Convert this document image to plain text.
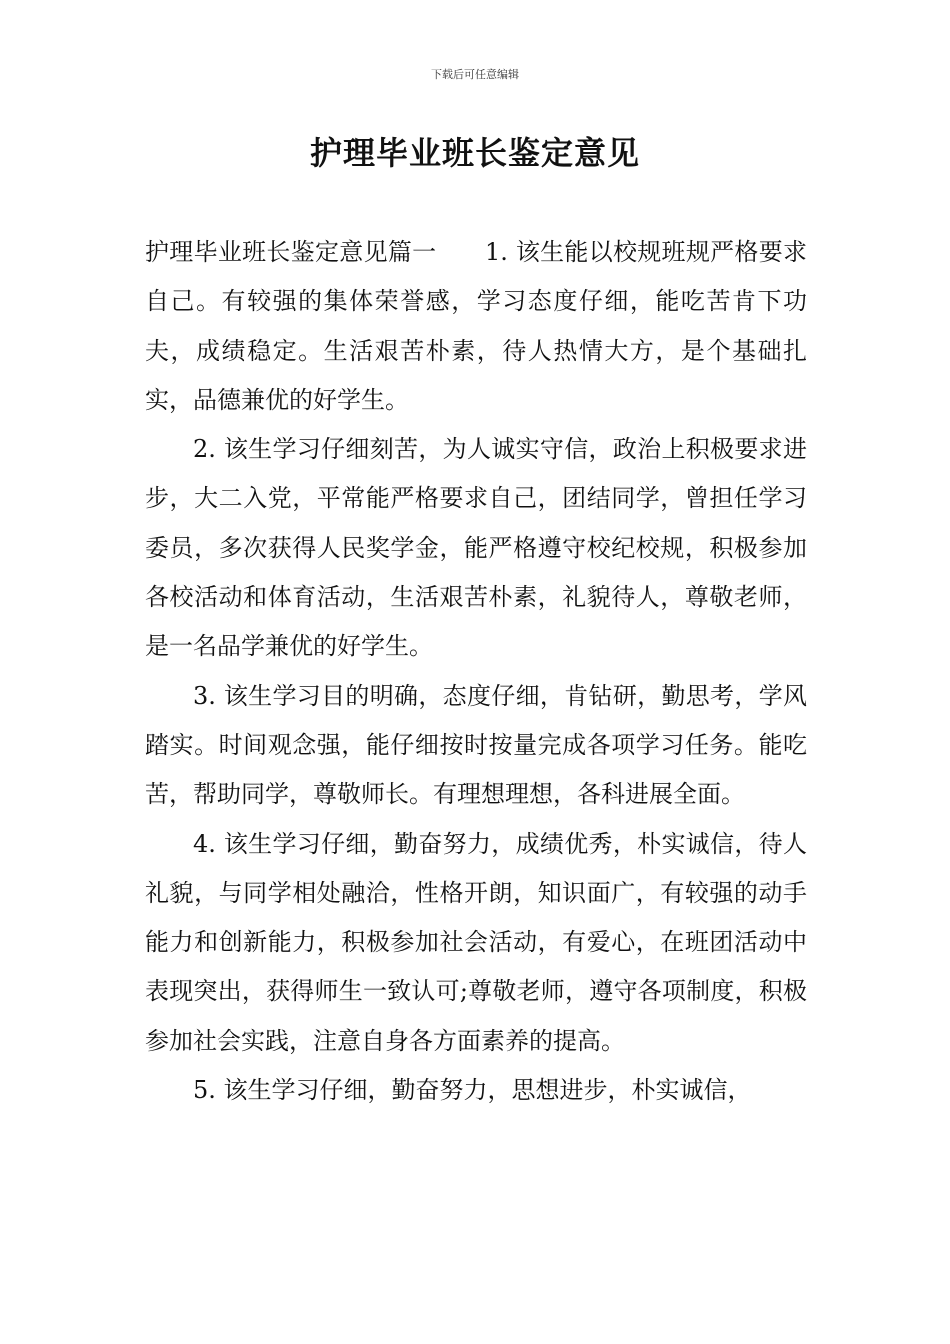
下载后可任意编辑
护理毕业班长鉴定意见

护理毕业班长鉴定意见篇一　　1. 该生能以校规班规严格要求自己。有较强的集体荣誉感，学习态度仔细，能吃苦肯下功夫，成绩稳定。生活艰苦朴素，待人热情大方，是个基础扎实，品德兼优的好学生。

2. 该生学习仔细刻苦，为人诚实守信，政治上积极要求进步，大二入党，平常能严格要求自己，团结同学，曾担任学习委员，多次获得人民奖学金，能严格遵守校纪校规，积极参加各校活动和体育活动，生活艰苦朴素，礼貌待人，尊敬老师，是一名品学兼优的好学生。

3. 该生学习目的明确，态度仔细，肯钻研，勤思考，学风踏实。时间观念强，能仔细按时按量完成各项学习任务。能吃苦，帮助同学，尊敬师长。有理想理想，各科进展全面。

4. 该生学习仔细，勤奋努力，成绩优秀，朴实诚信，待人礼貌，与同学相处融洽，性格开朗，知识面广，有较强的动手能力和创新能力，积极参加社会活动，有爱心，在班团活动中表现突出，获得师生一致认可;尊敬老师，遵守各项制度，积极参加社会实践，注意自身各方面素养的提高。

5. 该生学习仔细，勤奋努力，思想进步，朴实诚信，
